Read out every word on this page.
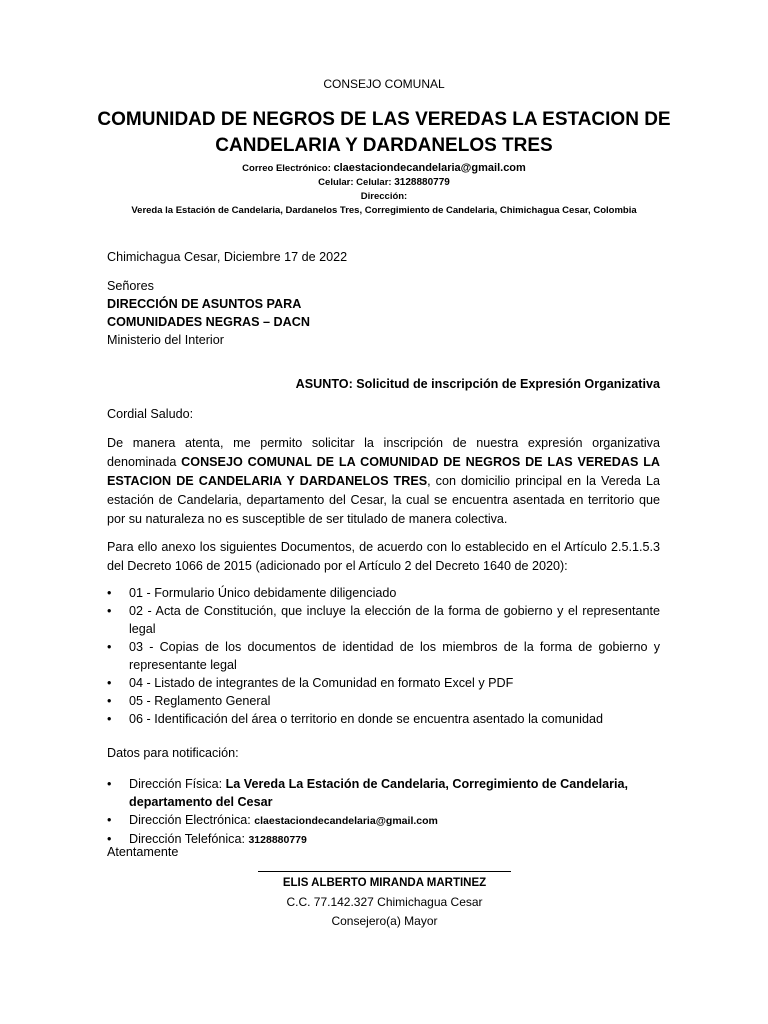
CONSEJO COMUNAL
COMUNIDAD DE NEGROS DE LAS VEREDAS LA ESTACION DE
CANDELARIA Y DARDANELOS TRES
Correo Electrónico: claestaciondecandelaria@gmail.com
Celular: Celular: 3128880779
Dirección:
Vereda la Estación de Candelaria, Dardanelos Tres, Corregimiento de Candelaria, Chimichagua Cesar, Colombia
Chimichagua Cesar, Diciembre 17 de 2022
Señores
DIRECCIÓN DE ASUNTOS PARA
COMUNIDADES NEGRAS – DACN
Ministerio del Interior
ASUNTO: Solicitud de inscripción de Expresión Organizativa
Cordial Saludo:
De manera atenta, me permito solicitar la inscripción de nuestra expresión organizativa denominada CONSEJO COMUNAL DE LA COMUNIDAD DE NEGROS DE LAS VEREDAS LA ESTACION DE CANDELARIA Y DARDANELOS TRES, con domicilio principal en la Vereda La estación de Candelaria, departamento del Cesar, la cual se encuentra asentada en territorio que por su naturaleza no es susceptible de ser titulado de manera colectiva.
Para ello anexo los siguientes Documentos, de acuerdo con lo establecido en el Artículo 2.5.1.5.3 del Decreto 1066 de 2015 (adicionado por el Artículo 2 del Decreto 1640 de 2020):
• 01 - Formulario Único debidamente diligenciado
• 02 - Acta de Constitución, que incluye la elección de la forma de gobierno y el representante legal
• 03 - Copias de los documentos de identidad de los miembros de la forma de gobierno y representante legal
• 04 - Listado de integrantes de la Comunidad en formato Excel y PDF
• 05 - Reglamento General
• 06 - Identificación del área o territorio en donde se encuentra asentado la comunidad
Datos para notificación:
• Dirección Física: La Vereda La Estación de Candelaria, Corregimiento de Candelaria, departamento del Cesar
• Dirección Electrónica: claestaciondecandelaria@gmail.com
• Dirección Telefónica: 3128880779
Atentamente
ELIS ALBERTO MIRANDA MARTINEZ
C.C. 77.142.327 Chimichagua Cesar
Consejero(a) Mayor
